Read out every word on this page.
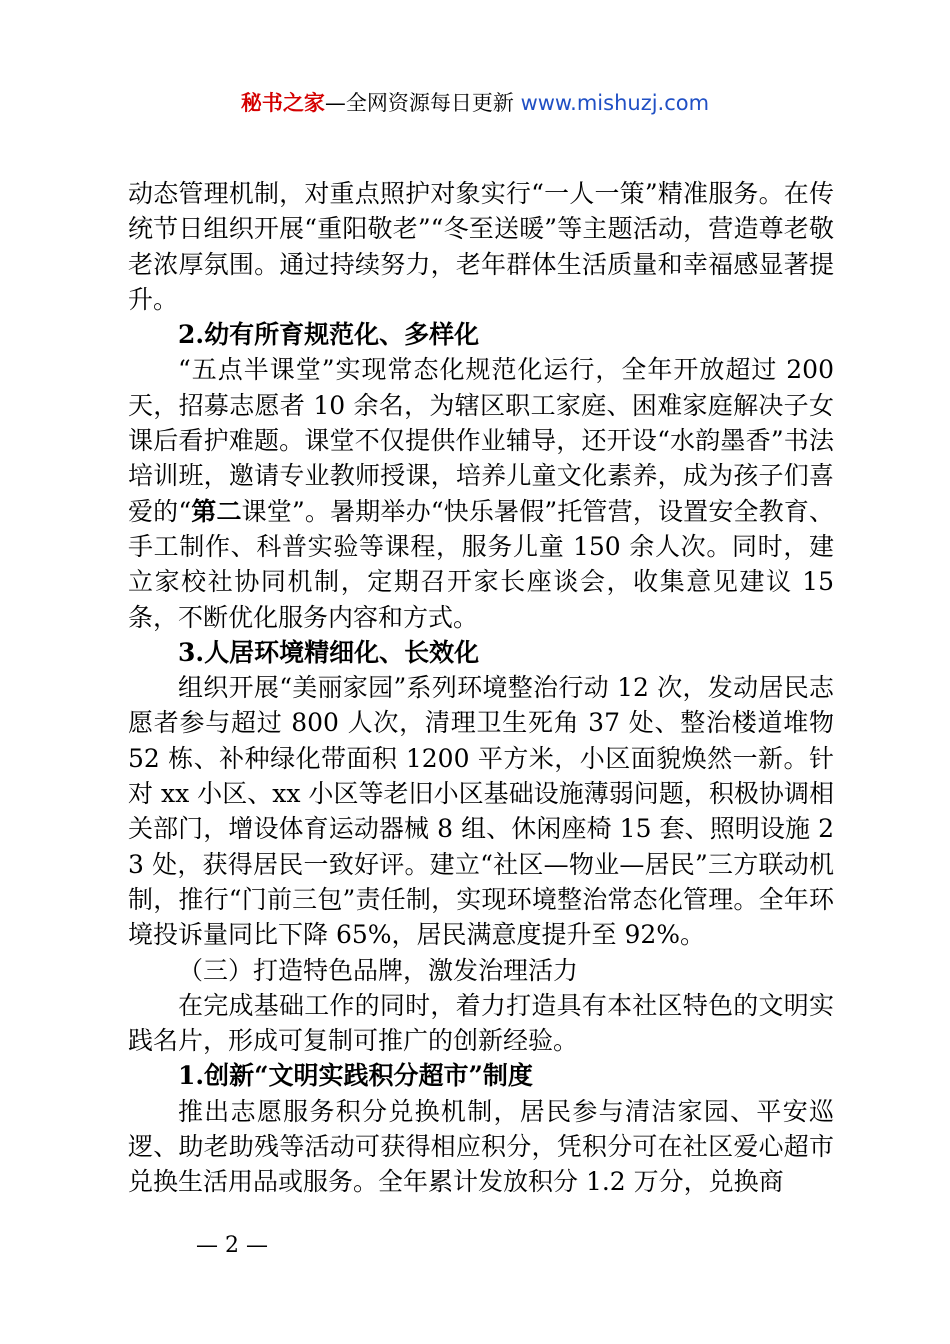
秘书之家—全网资源每日更新 www.mishuzj.com

动态管理机制，对重点照护对象实行“一人一策”精准服务。在传统节日组织开展“重阳敬老”“冬至送暖”等主题活动，营造尊老敬老浓厚氛围。通过持续努力，老年群体生活质量和幸福感显著提升。

2.幼有所育规范化、多样化

“五点半课堂”实现常态化规范化运行，全年开放超过 200 天，招募志愿者 10 余名，为辖区职工家庭、困难家庭解决子女课后看护难题。课堂不仅提供作业辅导，还开设“水韵墨香”书法培训班，邀请专业教师授课，培养儿童文化素养，成为孩子们喜爱的“第二课堂”。暑期举办“快乐暑假”托管营，设置安全教育、手工制作、科普实验等课程，服务儿童 150 余人次。同时，建立家校社协同机制，定期召开家长座谈会，收集意见建议 15 条，不断优化服务内容和方式。

3.人居环境精细化、长效化

组织开展“美丽家园”系列环境整治行动 12 次，发动居民志愿者参与超过 800 人次，清理卫生死角 37 处、整治楼道堆物 52 栋、补种绿化带面积 1200 平方米，小区面貌焕然一新。针对 xx 小区、xx 小区等老旧小区基础设施薄弱问题，积极协调相关部门，增设体育运动器械 8 组、休闲座椅 15 套、照明设施 23 处，获得居民一致好评。建立“社区—物业—居民”三方联动机制，推行“门前三包”责任制，实现环境整治常态化管理。全年环境投诉量同比下降 65%，居民满意度提升至 92%。

（三）打造特色品牌，激发治理活力

在完成基础工作的同时，着力打造具有本社区特色的文明实践名片，形成可复制可推广的创新经验。

1.创新“文明实践积分超市”制度

推出志愿服务积分兑换机制，居民参与清洁家园、平安巡逻、助老助残等活动可获得相应积分，凭积分可在社区爱心超市兑换生活用品或服务。全年累计发放积分 1.2 万分，兑换商

— 2 —
